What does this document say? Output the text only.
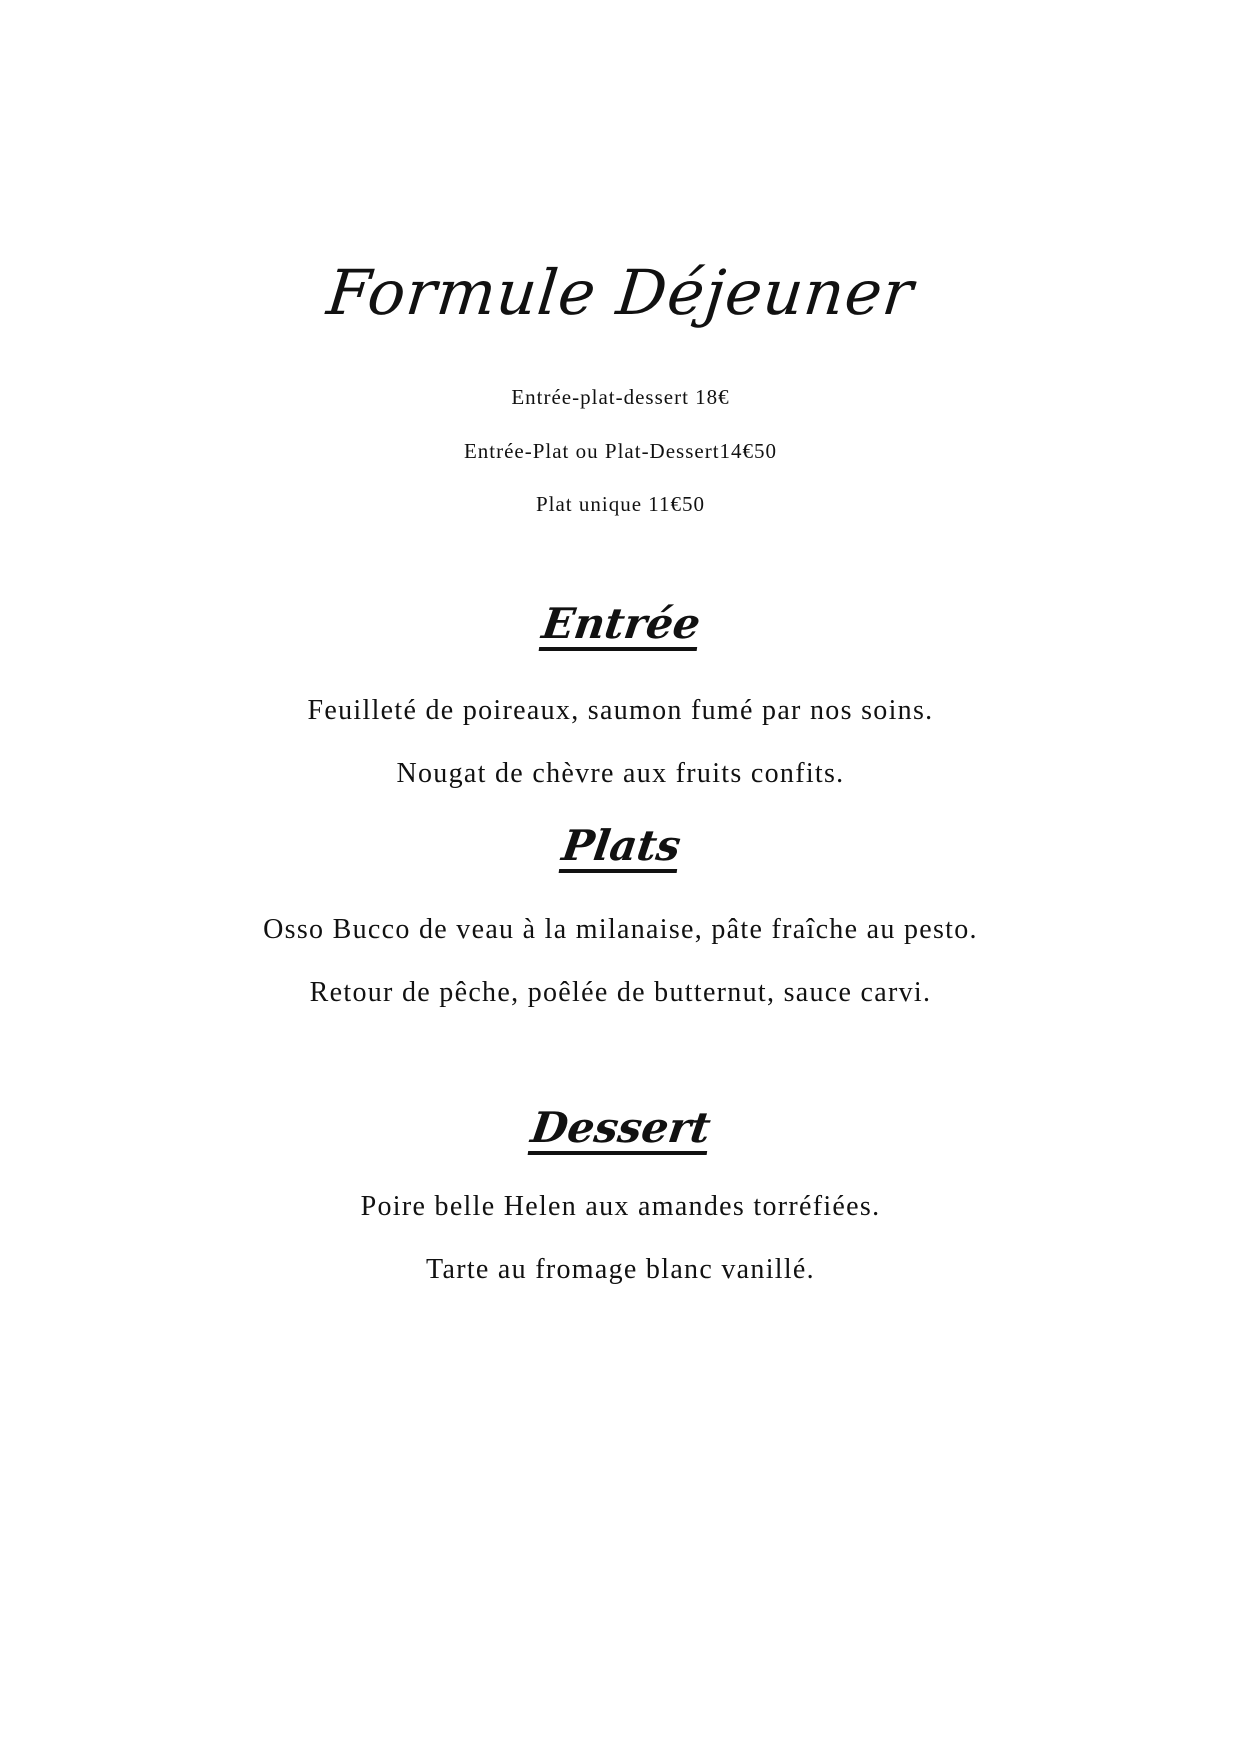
Formule Déjeuner
Entrée-plat-dessert 18€
Entrée-Plat ou Plat-Dessert14€50
Plat unique 11€50
Entrée
Feuilleté de poireaux, saumon fumé par nos soins.
Nougat de chèvre aux fruits confits.
Plats
Osso Bucco de veau à la milanaise, pâte fraîche au pesto.
Retour de pêche, poêlée de butternut, sauce carvi.
Dessert
Poire belle Helen aux amandes torréfiées.
Tarte au fromage blanc vanillé.
